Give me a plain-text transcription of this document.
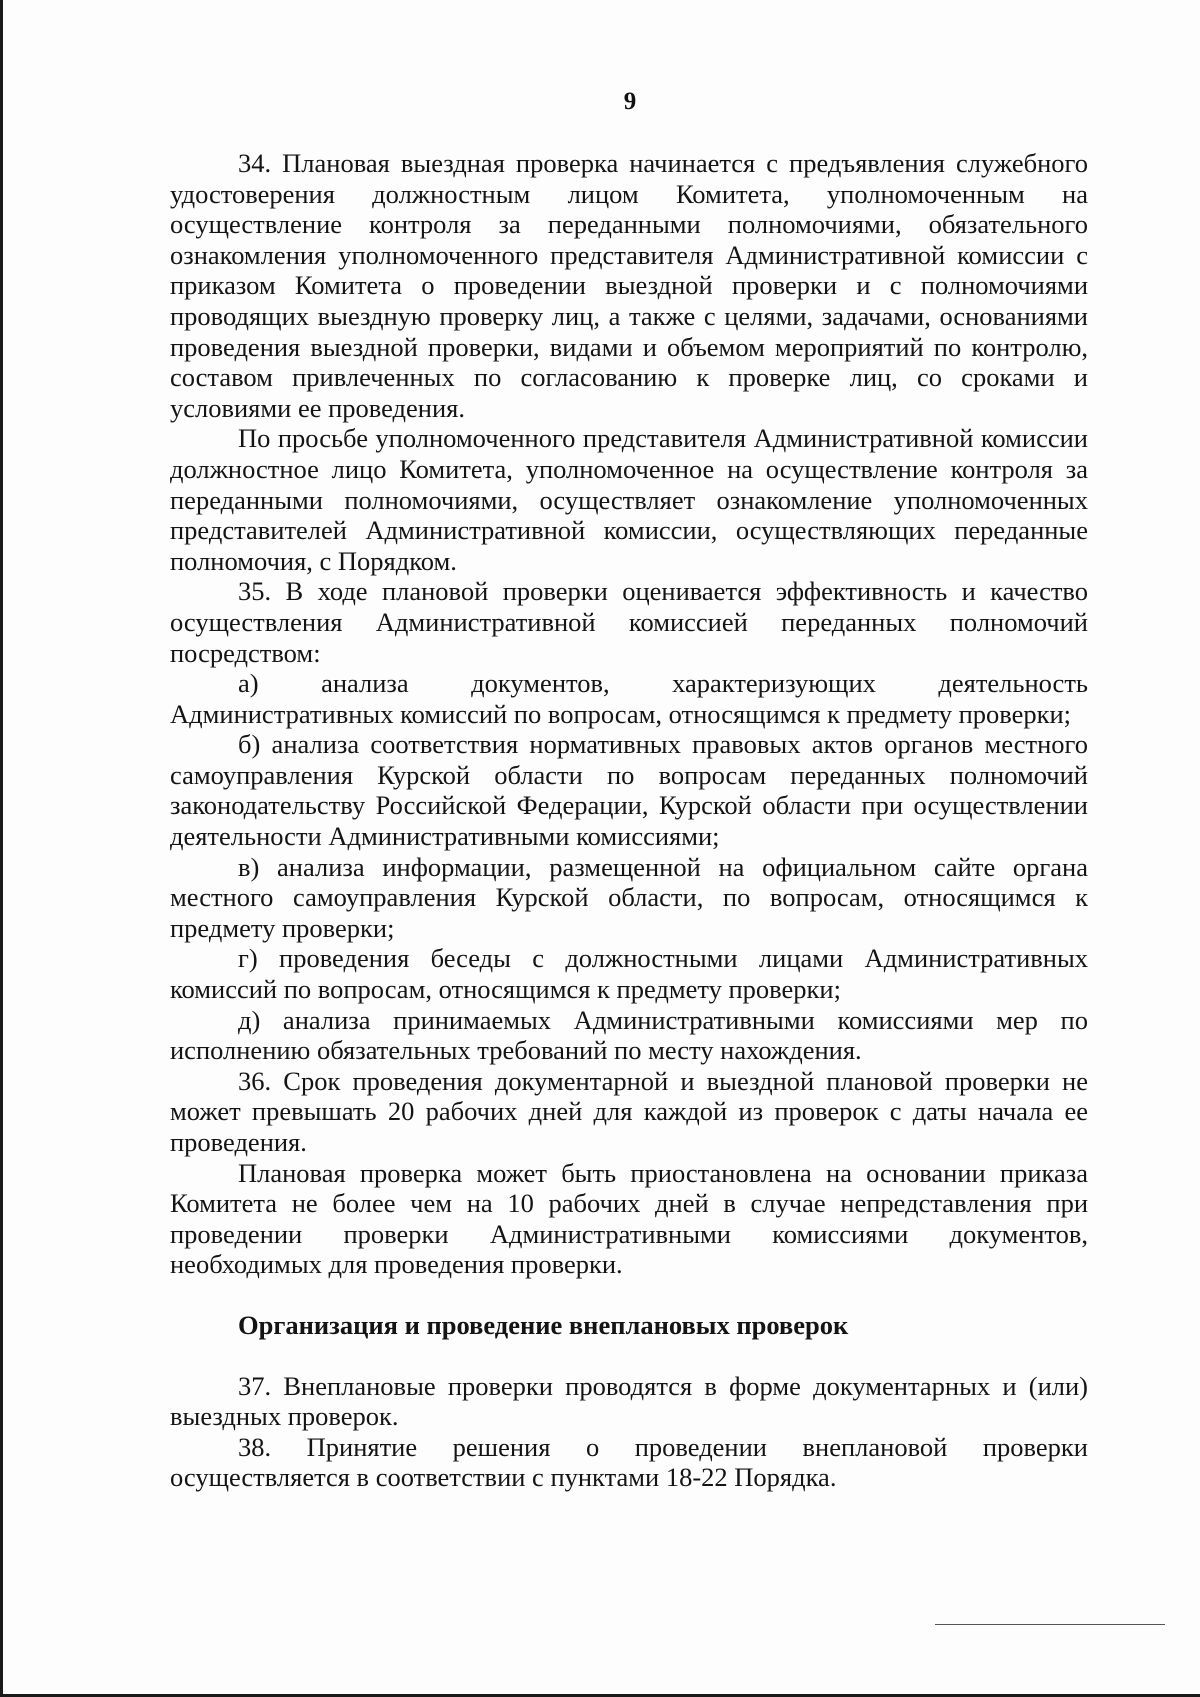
9

34. Плановая выездная проверка начинается с предъявления служебного удостоверения должностным лицом Комитета, уполномоченным на осуществление контроля за переданными полномочиями, обязательного ознакомления уполномоченного представителя Административной комиссии с приказом Комитета о проведении выездной проверки и с полномочиями проводящих выездную проверку лиц, а также с целями, задачами, основаниями проведения выездной проверки, видами и объемом мероприятий по контролю, составом привлеченных по согласованию к проверке лиц, со сроками и условиями ее проведения.

По просьбе уполномоченного представителя Административной комиссии должностное лицо Комитета, уполномоченное на осуществление контроля за переданными полномочиями, осуществляет ознакомление уполномоченных представителей Административной комиссии, осуществляющих переданные полномочия, с Порядком.

35. В ходе плановой проверки оценивается эффективность и качество осуществления Административной комиссией переданных полномочий посредством:

а) анализа документов, характеризующих деятельность Административных комиссий по вопросам, относящимся к предмету проверки;

б) анализа соответствия нормативных правовых актов органов местного самоуправления Курской области по вопросам переданных полномочий законодательству Российской Федерации, Курской области при осуществлении деятельности Административными комиссиями;

в) анализа информации, размещенной на официальном сайте органа местного самоуправления Курской области, по вопросам, относящимся к предмету проверки;

г) проведения беседы с должностными лицами Административных комиссий по вопросам, относящимся к предмету проверки;

д) анализа принимаемых Административными комиссиями мер по исполнению обязательных требований по месту нахождения.

36. Срок проведения документарной и выездной плановой проверки не может превышать 20 рабочих дней для каждой из проверок с даты начала ее проведения.

Плановая проверка может быть приостановлена на основании приказа Комитета не более чем на 10 рабочих дней в случае непредставления при проведении проверки Административными комиссиями документов, необходимых для проведения проверки.

Организация и проведение внеплановых проверок

37. Внеплановые проверки проводятся в форме документарных и (или) выездных проверок.

38. Принятие решения о проведении внеплановой проверки осуществляется в соответствии с пунктами 18-22 Порядка.
